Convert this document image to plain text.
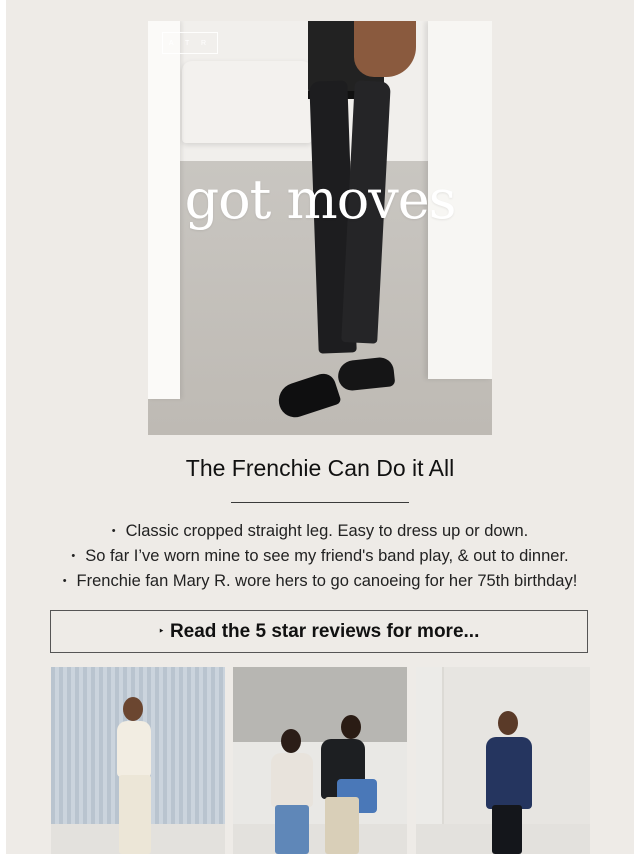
A T R
got moves
The Frenchie Can Do it All
• Classic cropped straight leg. Easy to dress up or down.
• So far I’ve worn mine to see my friend's band play, & out to dinner.
• Frenchie fan Mary R. wore hers to go canoeing for her 75th birthday!
‣ Read the 5 star reviews for more...
